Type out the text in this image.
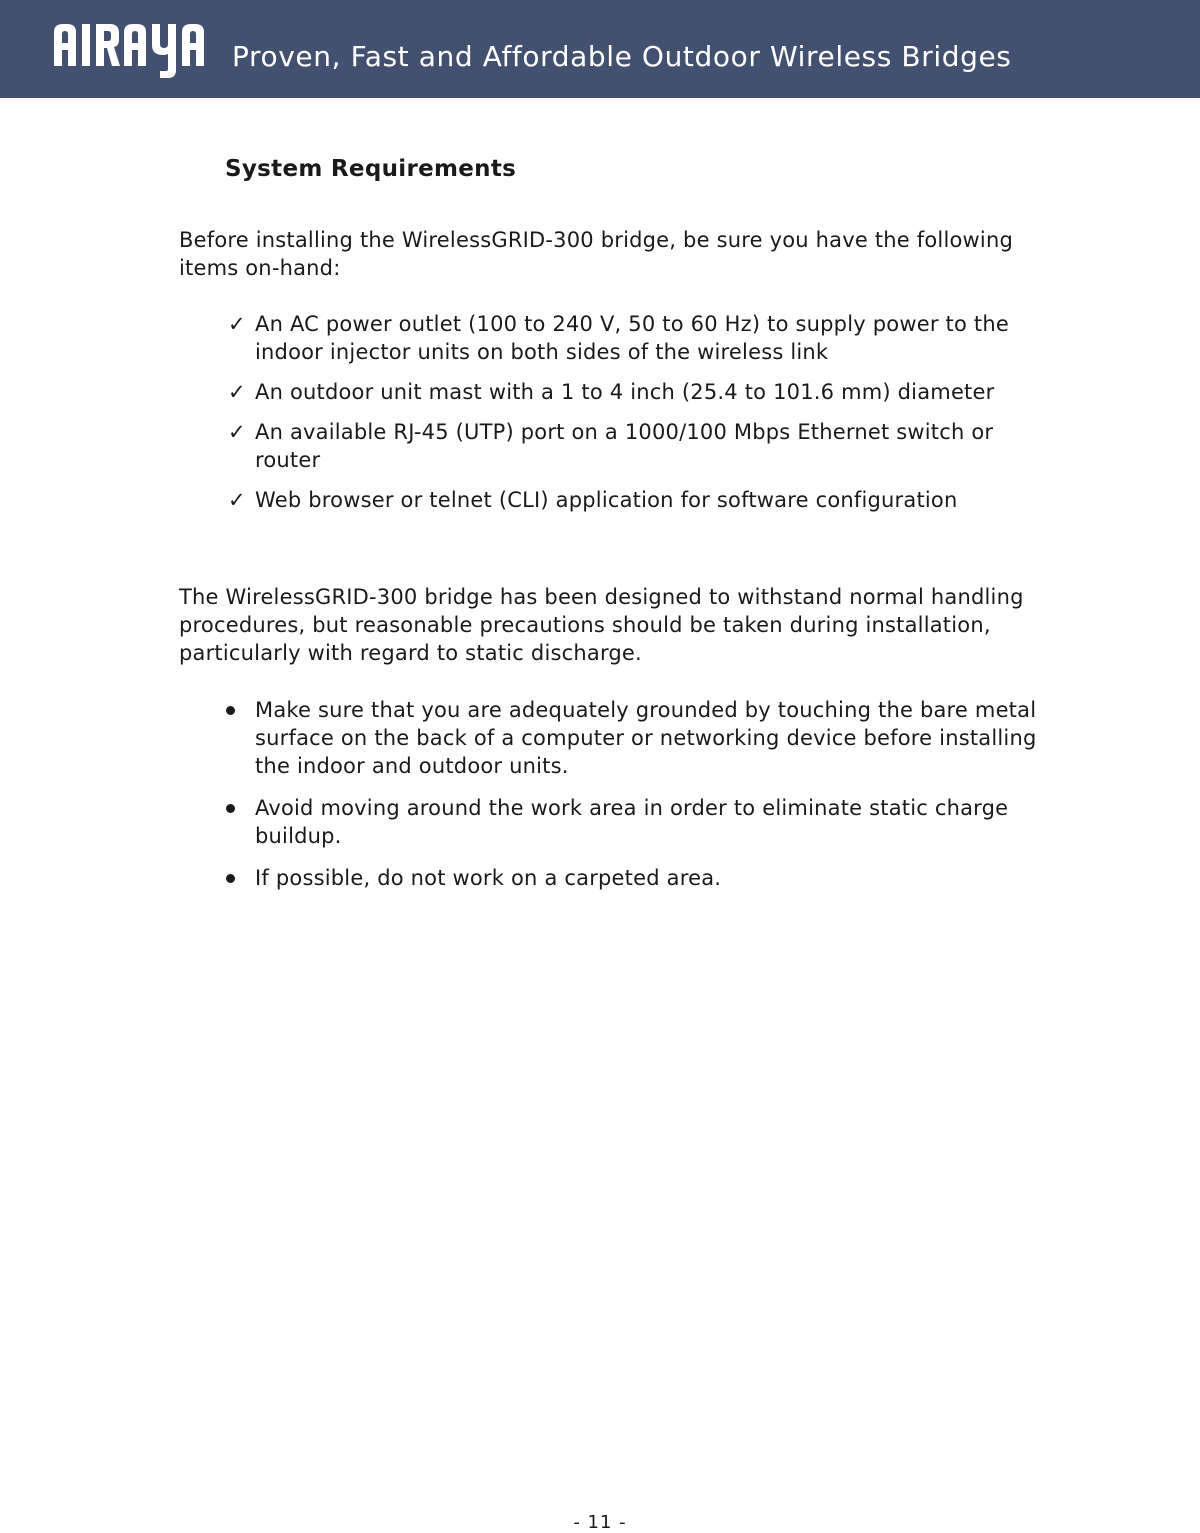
Proven, Fast and Affordable Outdoor Wireless Bridges
System Requirements

Before installing the WirelessGRID-300 bridge, be sure you have the following items on-hand:

✓ An AC power outlet (100 to 240 V, 50 to 60 Hz) to supply power to the indoor injector units on both sides of the wireless link
✓ An outdoor unit mast with a 1 to 4 inch (25.4 to 101.6 mm) diameter
✓ An available RJ-45 (UTP) port on a 1000/100 Mbps Ethernet switch or router
✓ Web browser or telnet (CLI) application for software configuration

The WirelessGRID-300 bridge has been designed to withstand normal handling procedures, but reasonable precautions should be taken during installation, particularly with regard to static discharge.

Make sure that you are adequately grounded by touching the bare metal surface on the back of a computer or networking device before installing the indoor and outdoor units.
Avoid moving around the work area in order to eliminate static charge buildup.
If possible, do not work on a carpeted area.
- 11 -
